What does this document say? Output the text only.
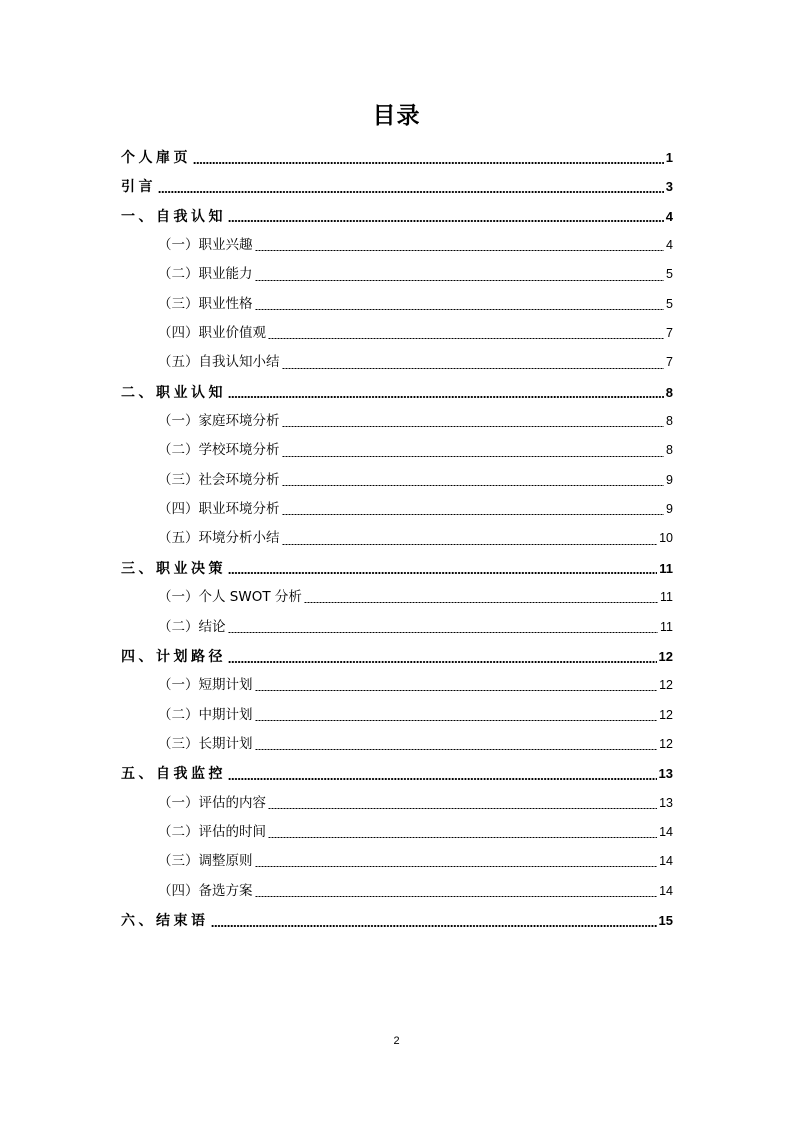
目录
个人扉页	1
引言	3
一、自我认知	4
（一）职业兴趣	4
（二）职业能力	5
（三）职业性格	5
（四）职业价值观	7
（五）自我认知小结	7
二、职业认知	8
（一）家庭环境分析	8
（二）学校环境分析	8
（三）社会环境分析	9
（四）职业环境分析	9
（五）环境分析小结	10
三、职业决策	11
（一）个人 SWOT 分析	11
（二）结论	11
四、计划路径	12
（一）短期计划	12
（二）中期计划	12
（三）长期计划	12
五、自我监控	13
（一）评估的内容	13
（二）评估的时间	14
（三）调整原则	14
（四）备选方案	14
六、结束语	15
2
